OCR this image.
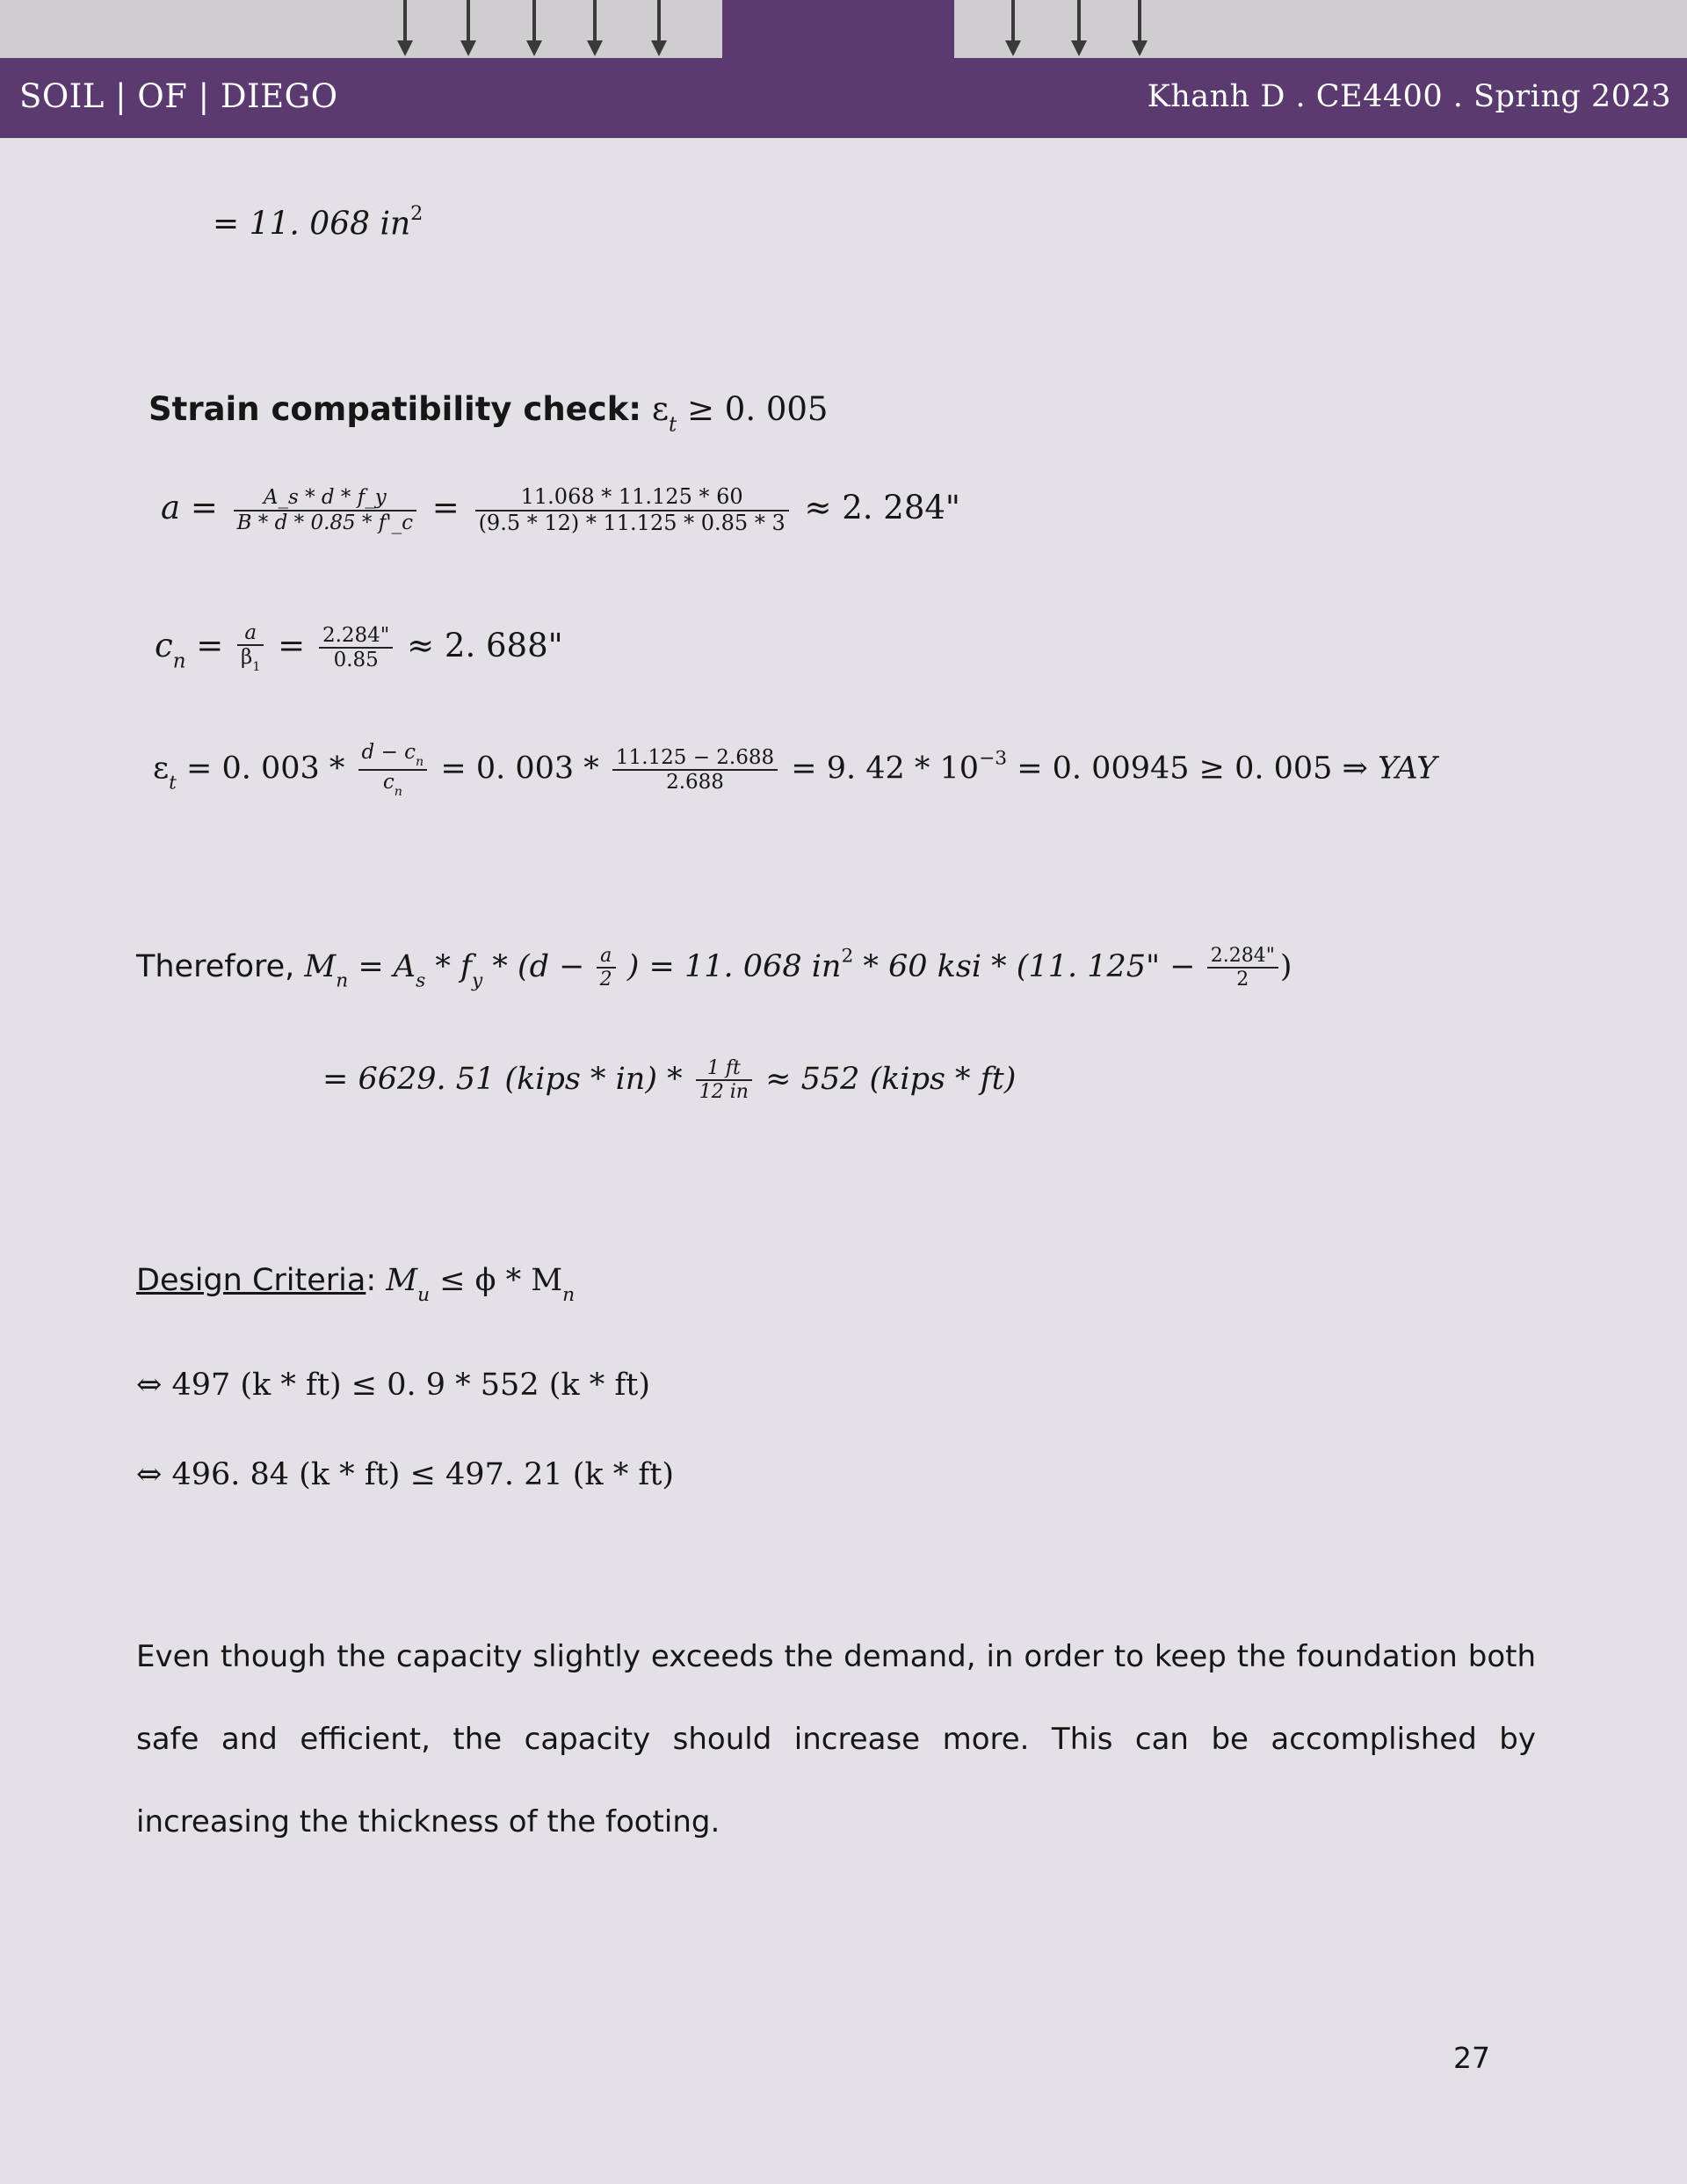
SOIL | OF | DIEGO	Khanh D . CE4400 . Spring 2023
= 11. 068 $in^2$
Strain compatibility check: $\varepsilon_t \ge 0$. 005
$a = \frac{A\_s * d * f\_y}{B * d * 0.85 * f'\_c} = \frac{11.068 * 11.125 * 60}{(9.5 * 12) * 11.125 * 0.85 * 3} \approx 2$. 284"
$c_n = \frac{a}{\beta_1} = \frac{2.284"}{0.85} \approx 2$. 688"
$\varepsilon_t = 0$. $003 * \frac{d - c_n}{c_n} = 0$. $003 * \frac{11.125 - 2.688}{2.688} = 9$. $42 * 10^{-3} = 0$. 00945 ≥ 0. 005 ⇒ YAY
Therefore, $M_n = A_s * f_y * (d - \frac{a}{2}$ ) = 11. 068 $in^2 * 60$ ksi * (11. 125" − $\frac{2.284"}{2}$ )
= 6629. 51 (kips * $in) * \frac{1 ft}{12 in} \approx 552$ (kips * ft)
Design Criteria: $M_u \le \phi * M_n$
⇔ 497 (k * ft) ≤ 0. 9 * 552 (k * ft)
⇔ 496. 84 (k * ft) ≤ 497. 21 (k * ft)

Even though the capacity slightly exceeds the demand, in order to keep the foundation both safe and efficient, the capacity should increase more. This can be accomplished by increasing the thickness of the footing.

27
